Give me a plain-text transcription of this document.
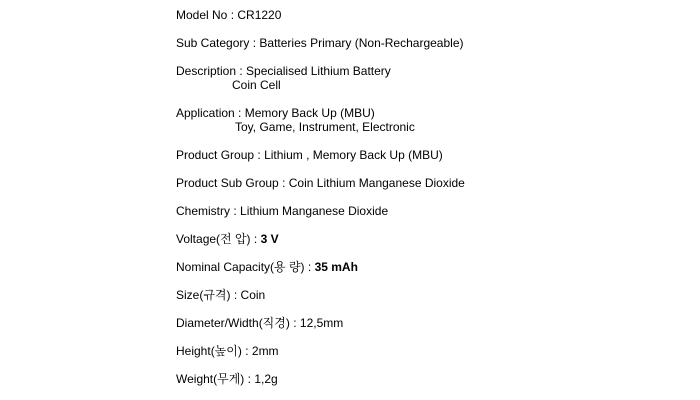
Model No : CR1220

Sub Category : Batteries Primary (Non-Rechargeable)

Description : Specialised Lithium Battery
Coin Cell

Application : Memory Back Up (MBU)
Toy, Game, Instrument, Electronic

Product Group : Lithium , Memory Back Up (MBU)

Product Sub Group : Coin Lithium Manganese Dioxide

Chemistry : Lithium Manganese Dioxide

Voltage(전 압) : 3 V

Nominal Capacity(용 량) : 35 mAh

Size(규격) : Coin

Diameter/Width(직경) : 12,5mm

Height(높이) : 2mm

Weight(무게) : 1,2g
